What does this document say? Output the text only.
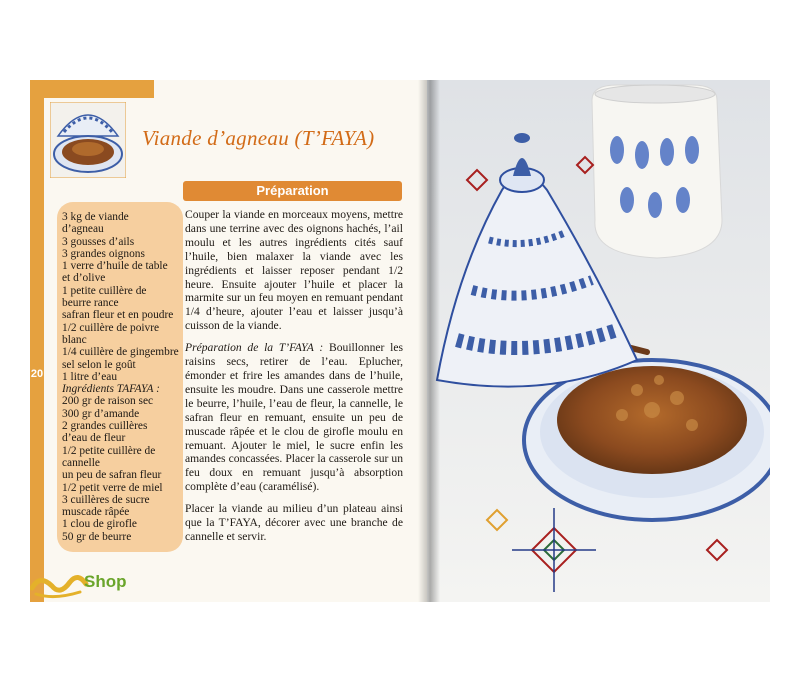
20
Viande d’agneau (T’FAYA)
3 kg de viande
d’agneau
3 gousses d’ails
3 grandes oignons
1 verre d’huile de table
et d’olive
1 petite cuillère de
beurre rance
safran fleur et en poudre
1/2 cuillère de poivre
blanc
1/4 cuillère de gingembre
sel selon le goût
1 litre d’eau
Ingrédients TAFAYA :
200 gr de raison sec
300 gr d’amande
2 grandes cuillères
d’eau de fleur
1/2 petite cuillère de
cannelle
un peu de safran fleur
1/2 petit verre de miel
3 cuillères de sucre
muscade râpée
1 clou de girofle
50 gr de beurre
Préparation

Couper la viande en morceaux moyens, mettre dans une terrine avec des oignons hachés, l’ail moulu et les autres ingrédients cités sauf l’huile, bien malaxer la viande avec les ingrédients et laisser reposer pendant 1/2 heure. Ensuite ajouter l’huile et placer la marmite sur un feu moyen en remuant pendant 1/4 d’heure, ajouter l’eau et laisser jusqu’à cuisson de la viande.

Préparation de la T’FAYA : Bouillonner les raisins secs, retirer de l’eau. Eplucher, émonder et frire les amandes dans de l’huile, ensuite les moudre. Dans une casserole mettre le beurre, l’huile, l’eau de fleur, la cannelle, le safran fleur en remuant, ensuite un peu de muscade râpée et le clou de girofle moulu en remuant. Ajouter le miel, le sucre enfin les amandes concassées. Placer la casserole sur un feu doux en remuant jusqu’à absorption complète d’eau (caramélisé).

Placer la viande au milieu d’un plateau ainsi que la T’FAYA, décorer avec une branche de cannelle et servir.

Shop
